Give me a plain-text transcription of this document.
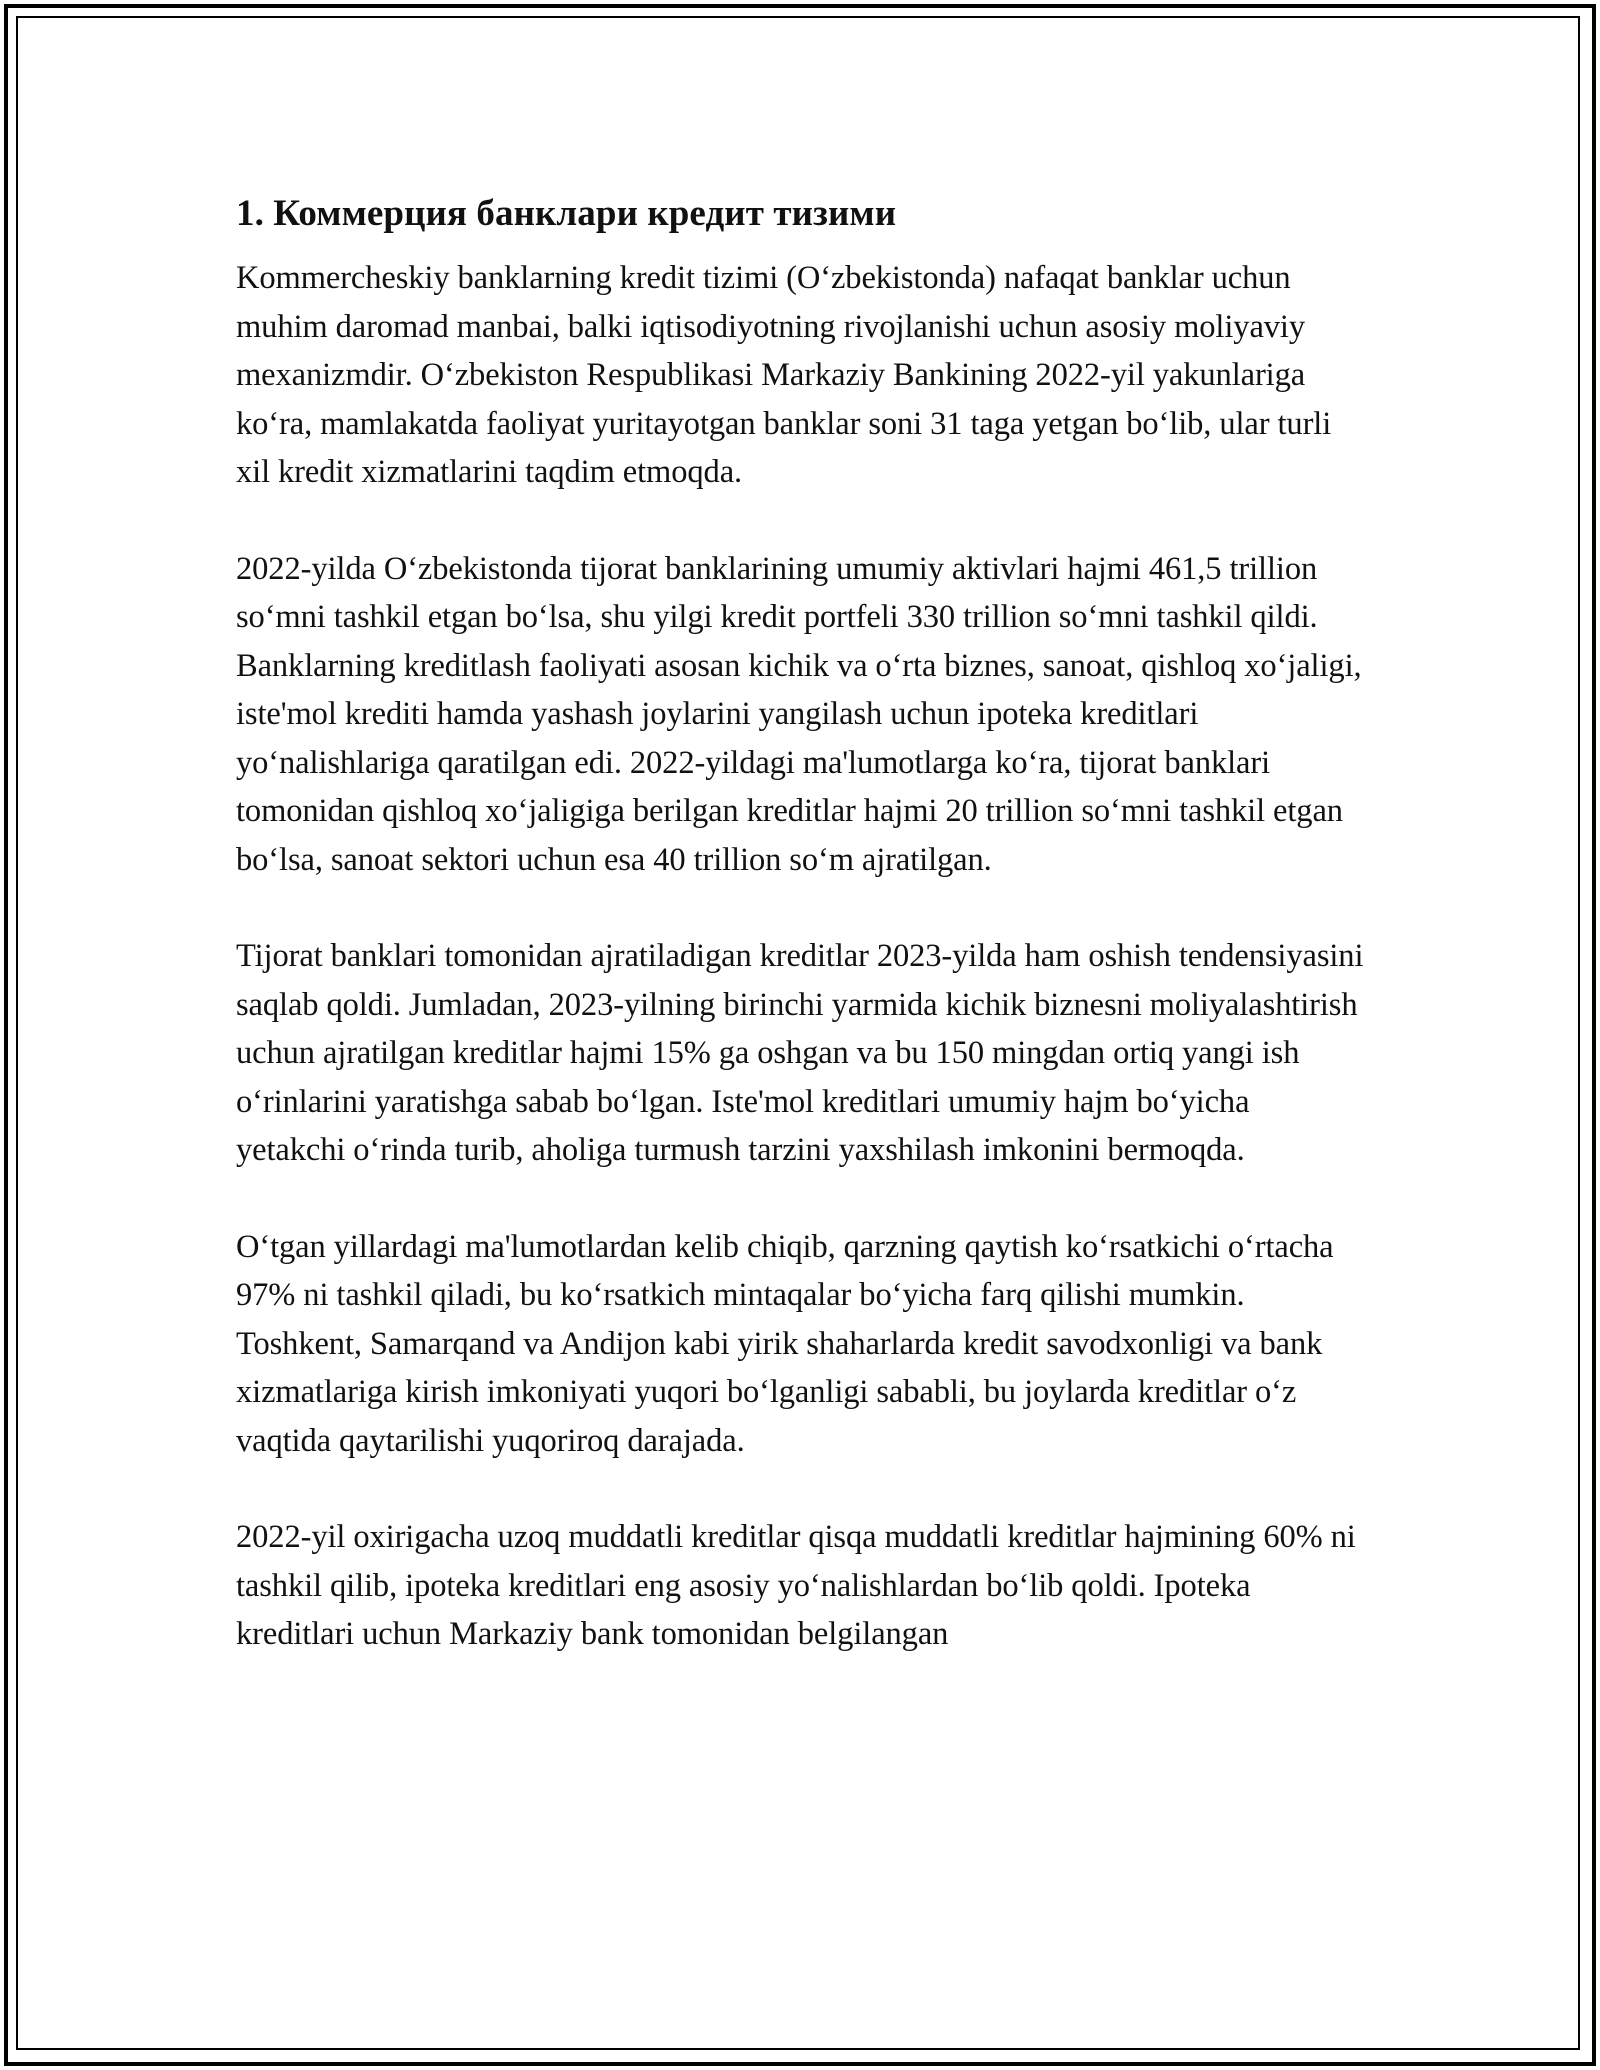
1. Коммерция банклари кредит тизими

Kommercheskiy banklarning kredit tizimi (O‘zbekistonda) nafaqat banklar uchun muhim daromad manbai, balki iqtisodiyotning rivojlanishi uchun asosiy moliyaviy mexanizmdir. O‘zbekiston Respublikasi Markaziy Bankining 2022-yil yakunlariga ko‘ra, mamlakatda faoliyat yuritayotgan banklar soni 31 taga yetgan bo‘lib, ular turli xil kredit xizmatlarini taqdim etmoqda.

2022-yilda O‘zbekistonda tijorat banklarining umumiy aktivlari hajmi 461,5 trillion so‘mni tashkil etgan bo‘lsa, shu yilgi kredit portfeli 330 trillion so‘mni tashkil qildi. Banklarning kreditlash faoliyati asosan kichik va o‘rta biznes, sanoat, qishloq xo‘jaligi, iste'mol krediti hamda yashash joylarini yangilash uchun ipoteka kreditlari yo‘nalishlariga qaratilgan edi. 2022-yildagi ma'lumotlarga ko‘ra, tijorat banklari tomonidan qishloq xo‘jaligiga berilgan kreditlar hajmi 20 trillion so‘mni tashkil etgan bo‘lsa, sanoat sektori uchun esa 40 trillion so‘m ajratilgan.

Tijorat banklari tomonidan ajratiladigan kreditlar 2023-yilda ham oshish tendensiyasini saqlab qoldi. Jumladan, 2023-yilning birinchi yarmida kichik biznesni moliyalashtirish uchun ajratilgan kreditlar hajmi 15% ga oshgan va bu 150 mingdan ortiq yangi ish o‘rinlarini yaratishga sabab bo‘lgan. Iste'mol kreditlari umumiy hajm bo‘yicha yetakchi o‘rinda turib, aholiga turmush tarzini yaxshilash imkonini bermoqda.

O‘tgan yillardagi ma'lumotlardan kelib chiqib, qarzning qaytish ko‘rsatkichi o‘rtacha 97% ni tashkil qiladi, bu ko‘rsatkich mintaqalar bo‘yicha farq qilishi mumkin. Toshkent, Samarqand va Andijon kabi yirik shaharlarda kredit savodxonligi va bank xizmatlariga kirish imkoniyati yuqori bo‘lganligi sababli, bu joylarda kreditlar o‘z vaqtida qaytarilishi yuqoriroq darajada.

2022-yil oxirigacha uzoq muddatli kreditlar qisqa muddatli kreditlar hajmining 60% ni tashkil qilib, ipoteka kreditlari eng asosiy yo‘nalishlardan bo‘lib qoldi. Ipoteka kreditlari uchun Markaziy bank tomonidan belgilangan
